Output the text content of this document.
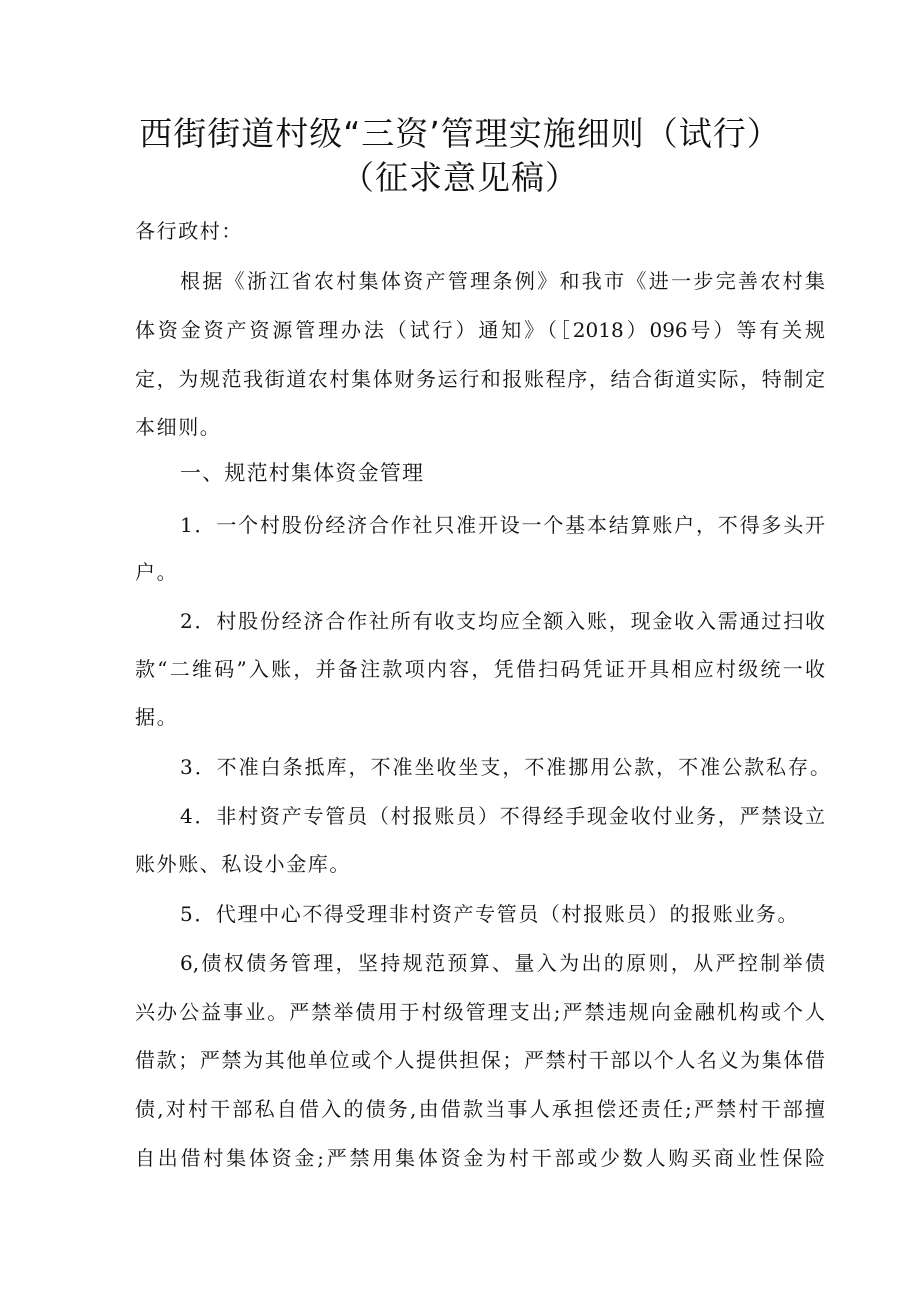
西街街道村级“三资’管理实施细则（试行）
（征求意见稿）

各行政村：

根据《浙江省农村集体资产管理条例》和我市《进一步完善农村集

体资金资产资源管理办法（试行）通知》（［2018）096号）等有关规

定，为规范我街道农村集体财务运行和报账程序，结合街道实际，特制定

本细则。

一、规范村集体资金管理

1．一个村股份经济合作社只准开设一个基本结算账户，不得多头开

户。

2．村股份经济合作社所有收支均应全额入账，现金收入需通过扫收

款“二维码”入账，并备注款项内容，凭借扫码凭证开具相应村级统一收

据。

3．不准白条抵库，不准坐收坐支，不准挪用公款，不准公款私存。

4．非村资产专管员（村报账员）不得经手现金收付业务，严禁设立

账外账、私设小金库。

5．代理中心不得受理非村资产专管员（村报账员）的报账业务。

6,债权债务管理，坚持规范预算、量入为出的原则，从严控制举债

兴办公益事业。严禁举债用于村级管理支出;严禁违规向金融机构或个人

借款；严禁为其他单位或个人提供担保；严禁村干部以个人名义为集体借

债,对村干部私自借入的债务,由借款当事人承担偿还责任;严禁村干部擅

自出借村集体资金;严禁用集体资金为村干部或少数人购买商业性保险
